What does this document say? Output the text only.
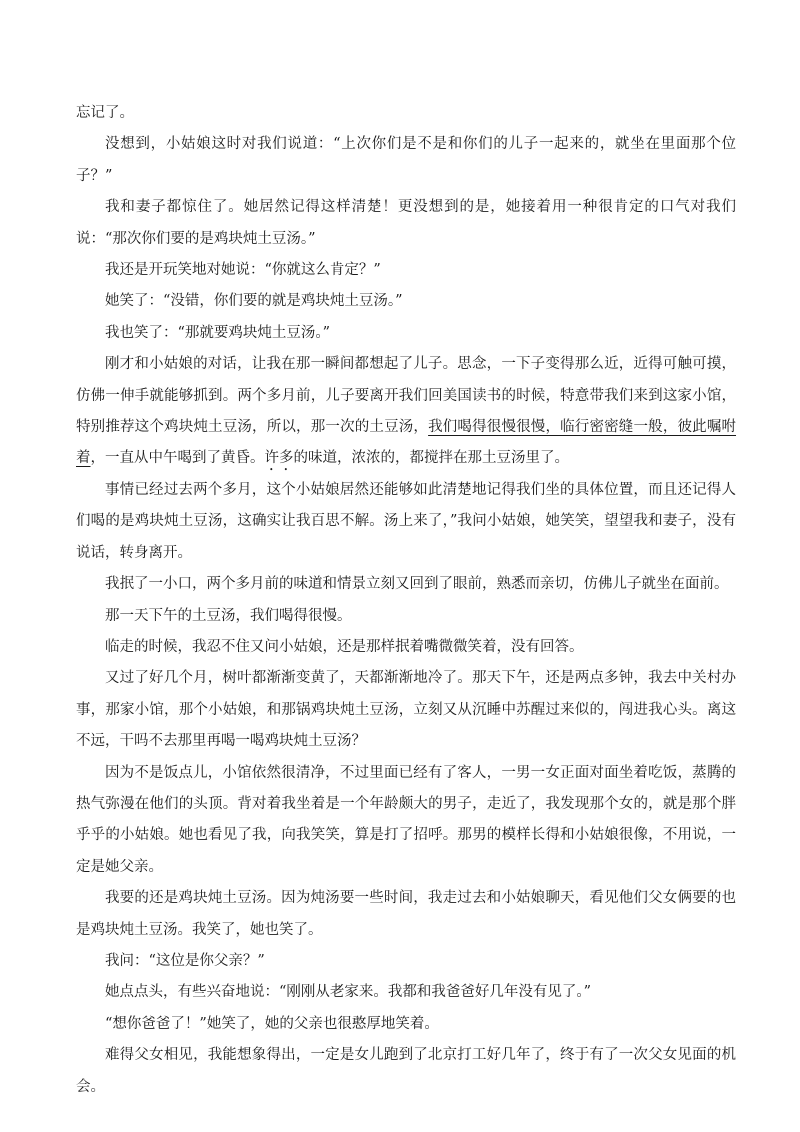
忘记了。

没想到，小姑娘这时对我们说道：“上次你们是不是和你们的儿子一起来的，就坐在里面那个位子？”

我和妻子都惊住了。她居然记得这样清楚！更没想到的是，她接着用一种很肯定的口气对我们说：“那次你们要的是鸡块炖土豆汤。”

我还是开玩笑地对她说：“你就这么肯定？”

她笑了：“没错，你们要的就是鸡块炖土豆汤。”

我也笑了：“那就要鸡块炖土豆汤。”

刚才和小姑娘的对话，让我在那一瞬间都想起了儿子。思念，一下子变得那么近，近得可触可摸，仿佛一伸手就能够抓到。两个多月前，儿子要离开我们回美国读书的时候，特意带我们来到这家小馆，特别推荐这个鸡块炖土豆汤，所以，那一次的土豆汤，我们喝得很慢很慢，临行密密缝一般，彼此嘱咐着，一直从中午喝到了黄昏。许多的味道，浓浓的，都搅拌在那土豆汤里了。

事情已经过去两个多月，这个小姑娘居然还能够如此清楚地记得我们坐的具体位置，而且还记得人们喝的是鸡块炖土豆汤，这确实让我百思不解。汤上来了，”我问小姑娘，她笑笑，望望我和妻子，没有说话，转身离开。

我抿了一小口，两个多月前的味道和情景立刻又回到了眼前，熟悉而亲切，仿佛儿子就坐在面前。

那一天下午的土豆汤，我们喝得很慢。

临走的时候，我忍不住又问小姑娘，还是那样抿着嘴微微笑着，没有回答。

又过了好几个月，树叶都渐渐变黄了，天都渐渐地冷了。那天下午，还是两点多钟，我去中关村办事，那家小馆，那个小姑娘，和那锅鸡块炖土豆汤，立刻又从沉睡中苏醒过来似的，闯进我心头。离这不远，干吗不去那里再喝一喝鸡块炖土豆汤？

因为不是饭点儿，小馆依然很清净，不过里面已经有了客人，一男一女正面对面坐着吃饭，蒸腾的热气弥漫在他们的头顶。背对着我坐着是一个年龄颇大的男子，走近了，我发现那个女的，就是那个胖乎乎的小姑娘。她也看见了我，向我笑笑，算是打了招呼。那男的模样长得和小姑娘很像，不用说，一定是她父亲。

我要的还是鸡块炖土豆汤。因为炖汤要一些时间，我走过去和小姑娘聊天，看见他们父女俩要的也是鸡块炖土豆汤。我笑了，她也笑了。

我问：“这位是你父亲？”

她点点头，有些兴奋地说：“刚刚从老家来。我都和我爸爸好几年没有见了。”

“想你爸爸了！”她笑了，她的父亲也很憨厚地笑着。

难得父女相见，我能想象得出，一定是女儿跑到了北京打工好几年了，终于有了一次父女见面的机会。
